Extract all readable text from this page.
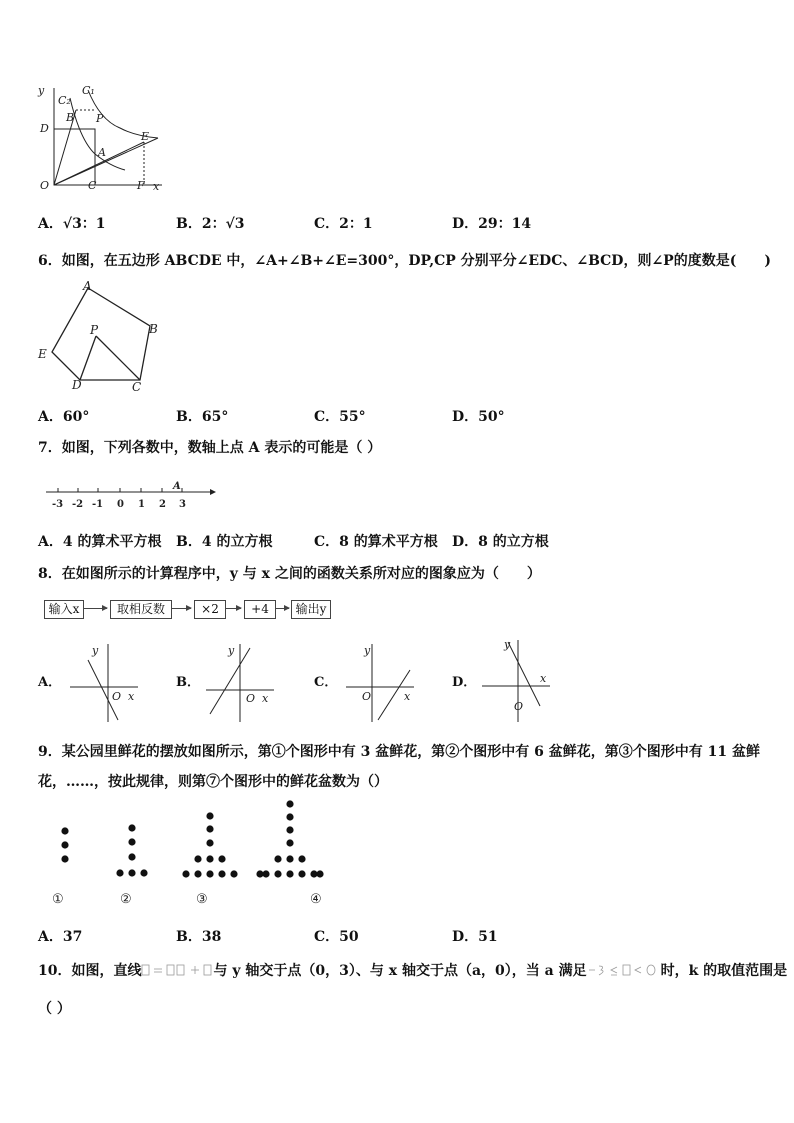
y
x
O	C	F
D
B P
E
A
C₂
C₁
A．√3：1	B．2：√3	C．2：1	D．29：14
6．如图，在五边形 ABCDE 中，∠A+∠B+∠E=300°，DP,CP 分别平分∠EDC、∠BCD，则∠P的度数是(　　)
A
B
C
D
E
P
A．60°	B．65°	C．55°	D．50°
7．如图，下列各数中，数轴上点 A 表示的可能是（ ）
-3 -2 -1 0 1 2 3
A
A．4 的算术平方根 B．4 的立方根	C．8 的算术平方根 D．8 的立方根
8．在如图所示的计算程序中，y 与 x 之间的函数关系所对应的图象应为（　　）
输入x	取相反数	×2	+4	输出y
A．	B．	C．	D．
y
x
O
y
x
O
y
x
O
y
x
O
9．某公园里鲜花的摆放如图所示，第①个图形中有 3 盆鲜花，第②个图形中有 6 盆鲜花，第③个图形中有 11 盆鲜
花，……，按此规律，则第⑦个图形中的鲜花盆数为（）
①	②	③	④
A．37	B．38	C．50	D．51
10．如图，直线	与 y 轴交于点（0，3）、与 x 轴交于点（a，0），当 a 满足	时，k 的取值范围是
（ ）
